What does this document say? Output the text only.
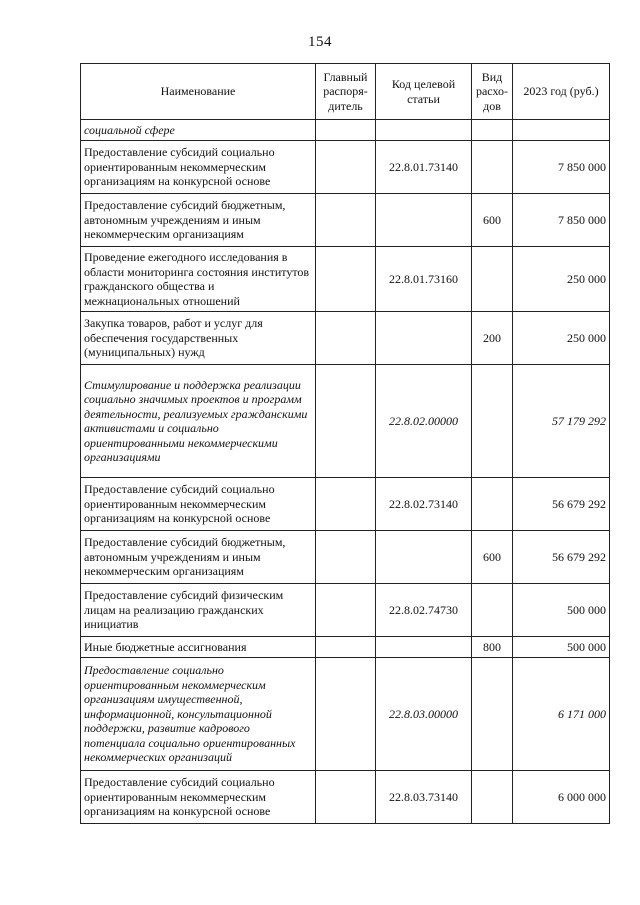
154
Наименование	Главный распоря-дитель	Код целевой статьи	Вид расхо-дов	2023 год (руб.)
социальной сфере				
Предоставление субсидий социально ориентированным некоммерческим организациям на конкурсной основе		22.8.01.73140		7 850 000
Предоставление субсидий бюджетным, автономным учреждениям и иным некоммерческим организациям			600	7 850 000
Проведение ежегодного исследования в области мониторинга состояния институтов гражданского общества и межнациональных отношений		22.8.01.73160		250 000
Закупка товаров, работ и услуг для обеспечения государственных (муниципальных) нужд			200	250 000
Стимулирование и поддержка реализации социально значимых проектов и программ деятельности, реализуемых гражданскими активистами и социально ориентированными некоммерческими организациями		22.8.02.00000		57 179 292
Предоставление субсидий социально ориентированным некоммерческим организациям на конкурсной основе		22.8.02.73140		56 679 292
Предоставление субсидий бюджетным, автономным учреждениям и иным некоммерческим организациям			600	56 679 292
Предоставление субсидий физическим лицам на реализацию гражданских инициатив		22.8.02.74730		500 000
Иные бюджетные ассигнования			800	500 000
Предоставление социально ориентированным некоммерческим организациям имущественной, информационной, консультационной поддержки, развитие кадрового потенциала социально ориентированных некоммерческих организаций		22.8.03.00000		6 171 000
Предоставление субсидий социально ориентированным некоммерческим организациям на конкурсной основе		22.8.03.73140		6 000 000
